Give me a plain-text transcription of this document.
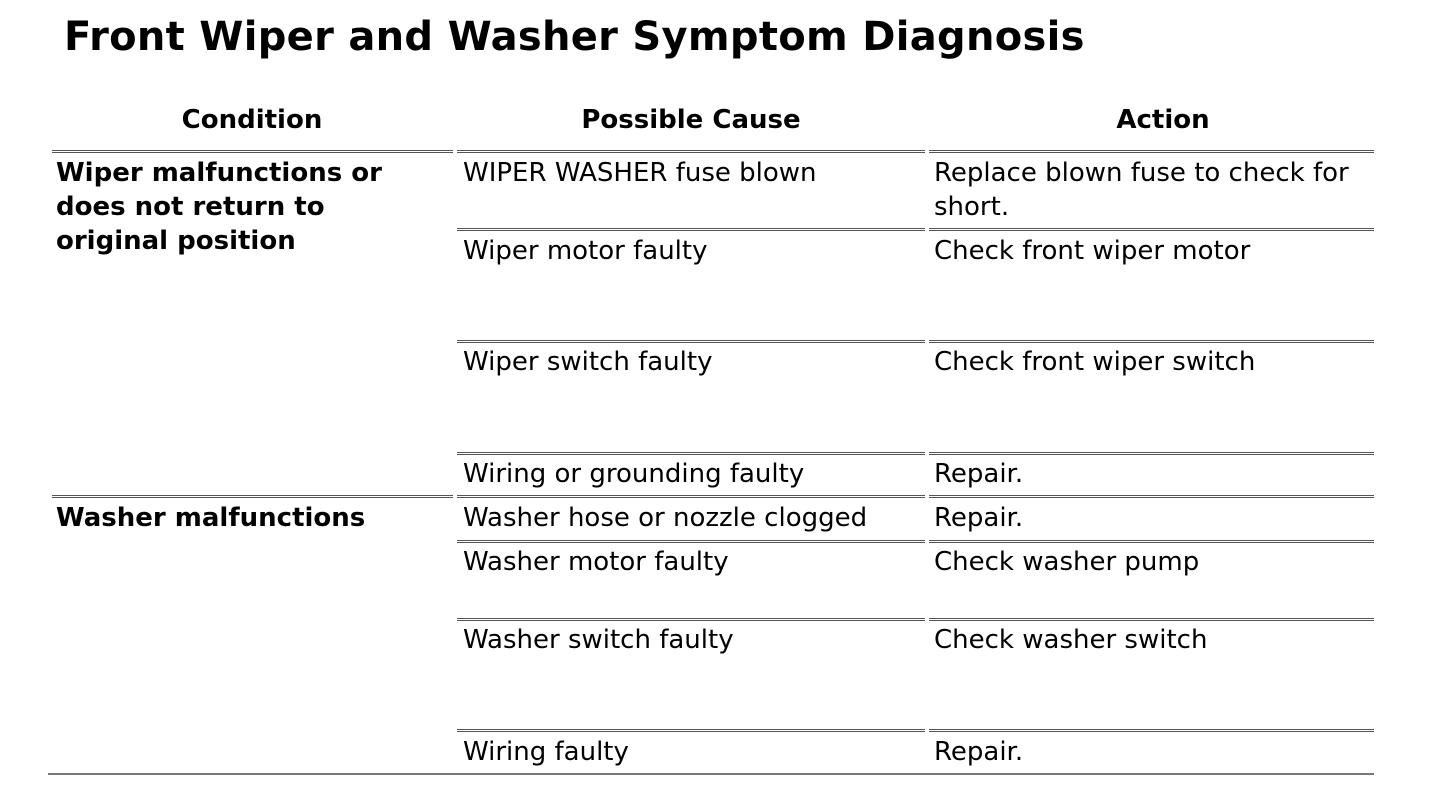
Front Wiper and Washer Symptom Diagnosis
Condition	Possible Cause	Action
Wiper malfunctions or
does not return to
original position
WIPER WASHER fuse blown	Replace blown fuse to check for
short.
Wiper motor faulty	Check front wiper motor
Wiper switch faulty	Check front wiper switch
Wiring or grounding faulty	Repair.
Washer malfunctions	Washer hose or nozzle clogged	Repair.
Washer motor faulty	Check washer pump
Washer switch faulty	Check washer switch
Wiring faulty	Repair.
